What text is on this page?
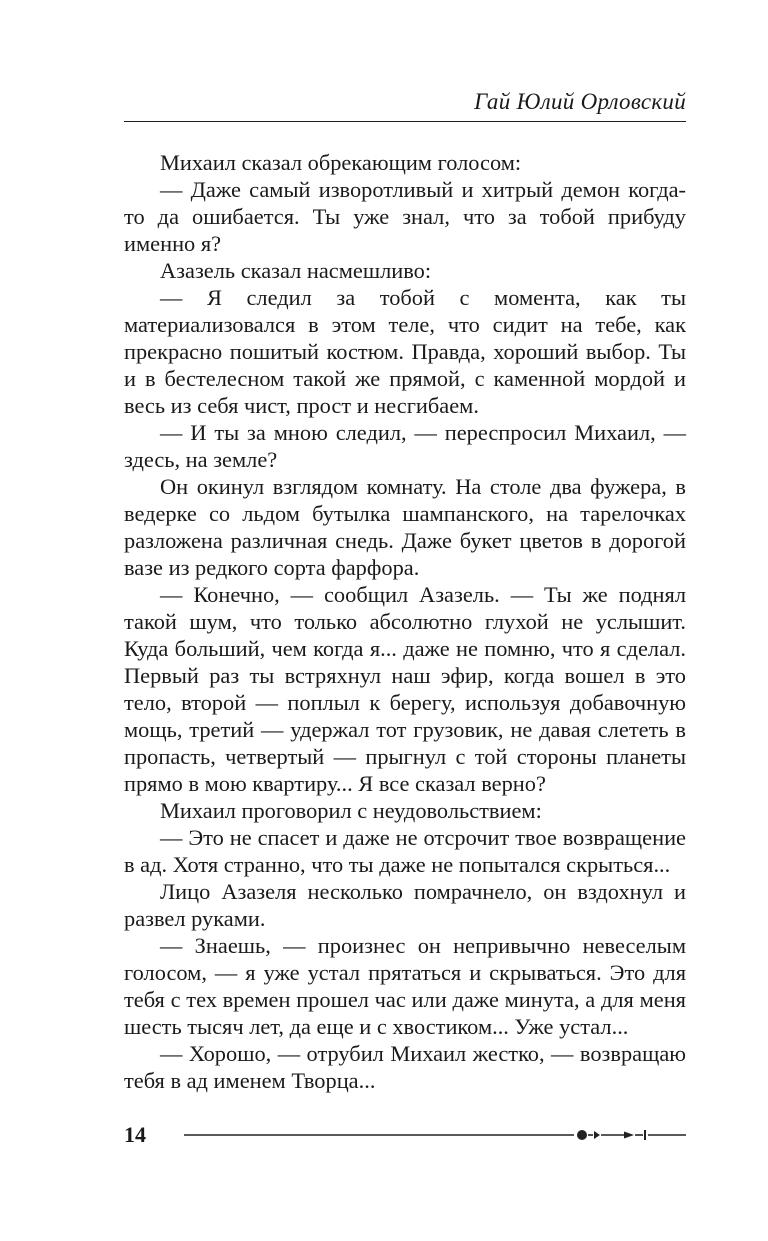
Гай Юлий Орловский

Михаил сказал обрекающим голосом:

— Даже самый изворотливый и хитрый демон когда-то да ошибается. Ты уже знал, что за тобой прибуду именно я?

Азазель сказал насмешливо:

— Я следил за тобой с момента, как ты материализовался в этом теле, что сидит на тебе, как прекрасно пошитый костюм. Правда, хороший выбор. Ты и в бестелесном такой же прямой, с каменной мордой и весь из себя чист, прост и несгибаем.

— И ты за мною следил, — переспросил Михаил, — здесь, на земле?

Он окинул взглядом комнату. На столе два фужера, в ведерке со льдом бутылка шампанского, на тарелочках разложена различная снедь. Даже букет цветов в дорогой вазе из редкого сорта фарфора.

— Конечно, — сообщил Азазель. — Ты же поднял такой шум, что только абсолютно глухой не услышит. Куда больший, чем когда я... даже не помню, что я сделал. Первый раз ты встряхнул наш эфир, когда вошел в это тело, второй — поплыл к берегу, используя добавочную мощь, третий — удержал тот грузовик, не давая слететь в пропасть, четвертый — прыгнул с той стороны планеты прямо в мою квартиру... Я все сказал верно?

Михаил проговорил с неудовольствием:

— Это не спасет и даже не отсрочит твое возвращение в ад. Хотя странно, что ты даже не попытался скрыться...

Лицо Азазеля несколько помрачнело, он вздохнул и развел руками.

— Знаешь, — произнес он непривычно невеселым голосом, — я уже устал прятаться и скрываться. Это для тебя с тех времен прошел час или даже минута, а для меня шесть тысяч лет, да еще и с хвостиком... Уже устал...

— Хорошо, — отрубил Михаил жестко, — возвращаю тебя в ад именем Творца...

14
